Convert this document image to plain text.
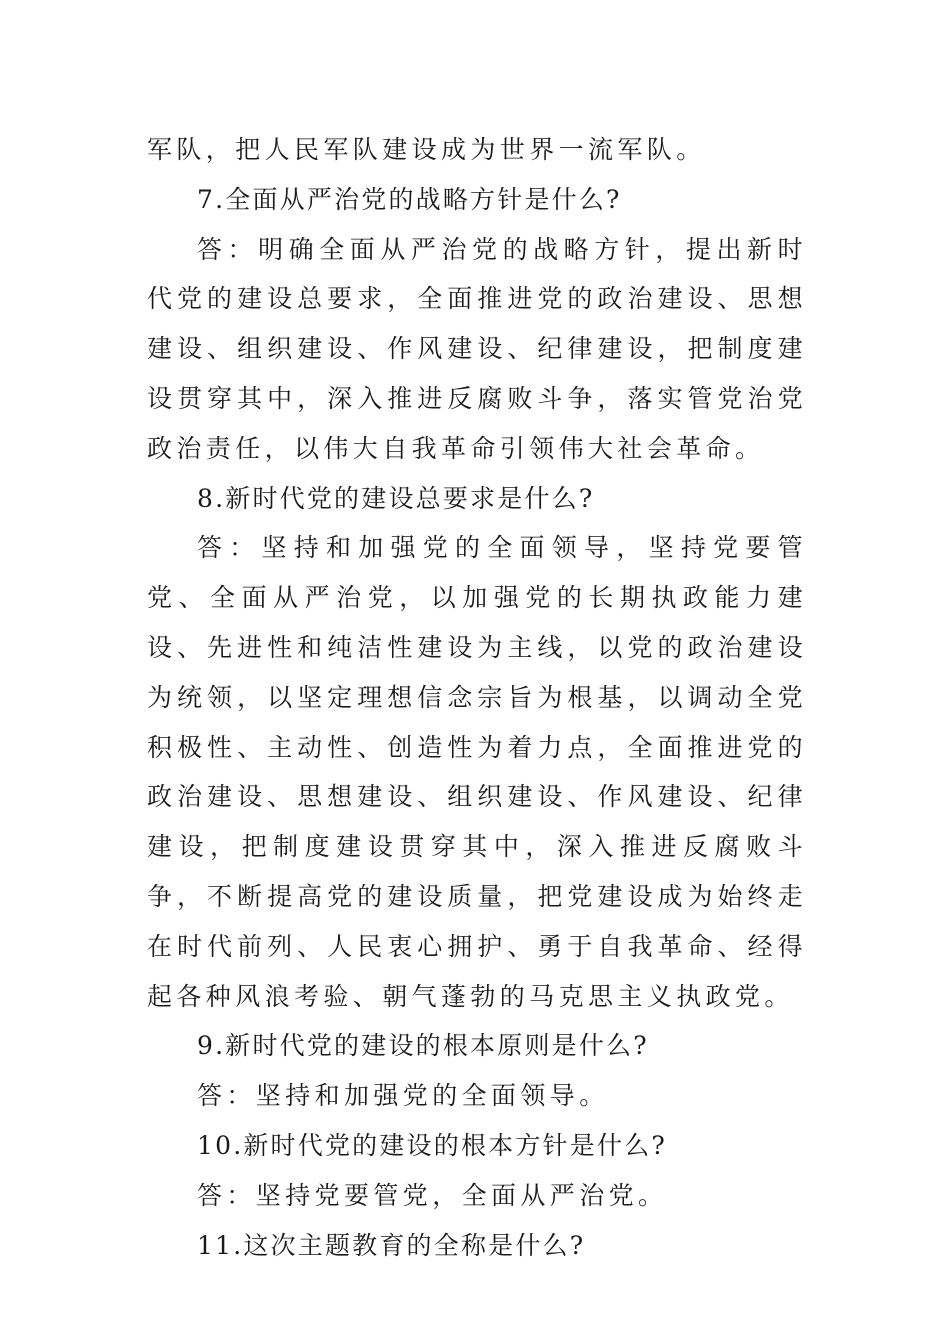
军队，把人民军队建设成为世界一流军队。

7.全面从严治党的战略方针是什么?

答：明确全面从严治党的战略方针，提出新时代党的建设总要求，全面推进党的政治建设、思想建设、组织建设、作风建设、纪律建设，把制度建设贯穿其中，深入推进反腐败斗争，落实管党治党政治责任，以伟大自我革命引领伟大社会革命。

8.新时代党的建设总要求是什么?

答：坚持和加强党的全面领导，坚持党要管党、全面从严治党，以加强党的长期执政能力建设、先进性和纯洁性建设为主线，以党的政治建设为统领，以坚定理想信念宗旨为根基，以调动全党积极性、主动性、创造性为着力点，全面推进党的政治建设、思想建设、组织建设、作风建设、纪律建设，把制度建设贯穿其中，深入推进反腐败斗争，不断提高党的建设质量，把党建设成为始终走在时代前列、人民衷心拥护、勇于自我革命、经得起各种风浪考验、朝气蓬勃的马克思主义执政党。

9.新时代党的建设的根本原则是什么?

答：坚持和加强党的全面领导。

10.新时代党的建设的根本方针是什么?

答：坚持党要管党，全面从严治党。

11.这次主题教育的全称是什么?
